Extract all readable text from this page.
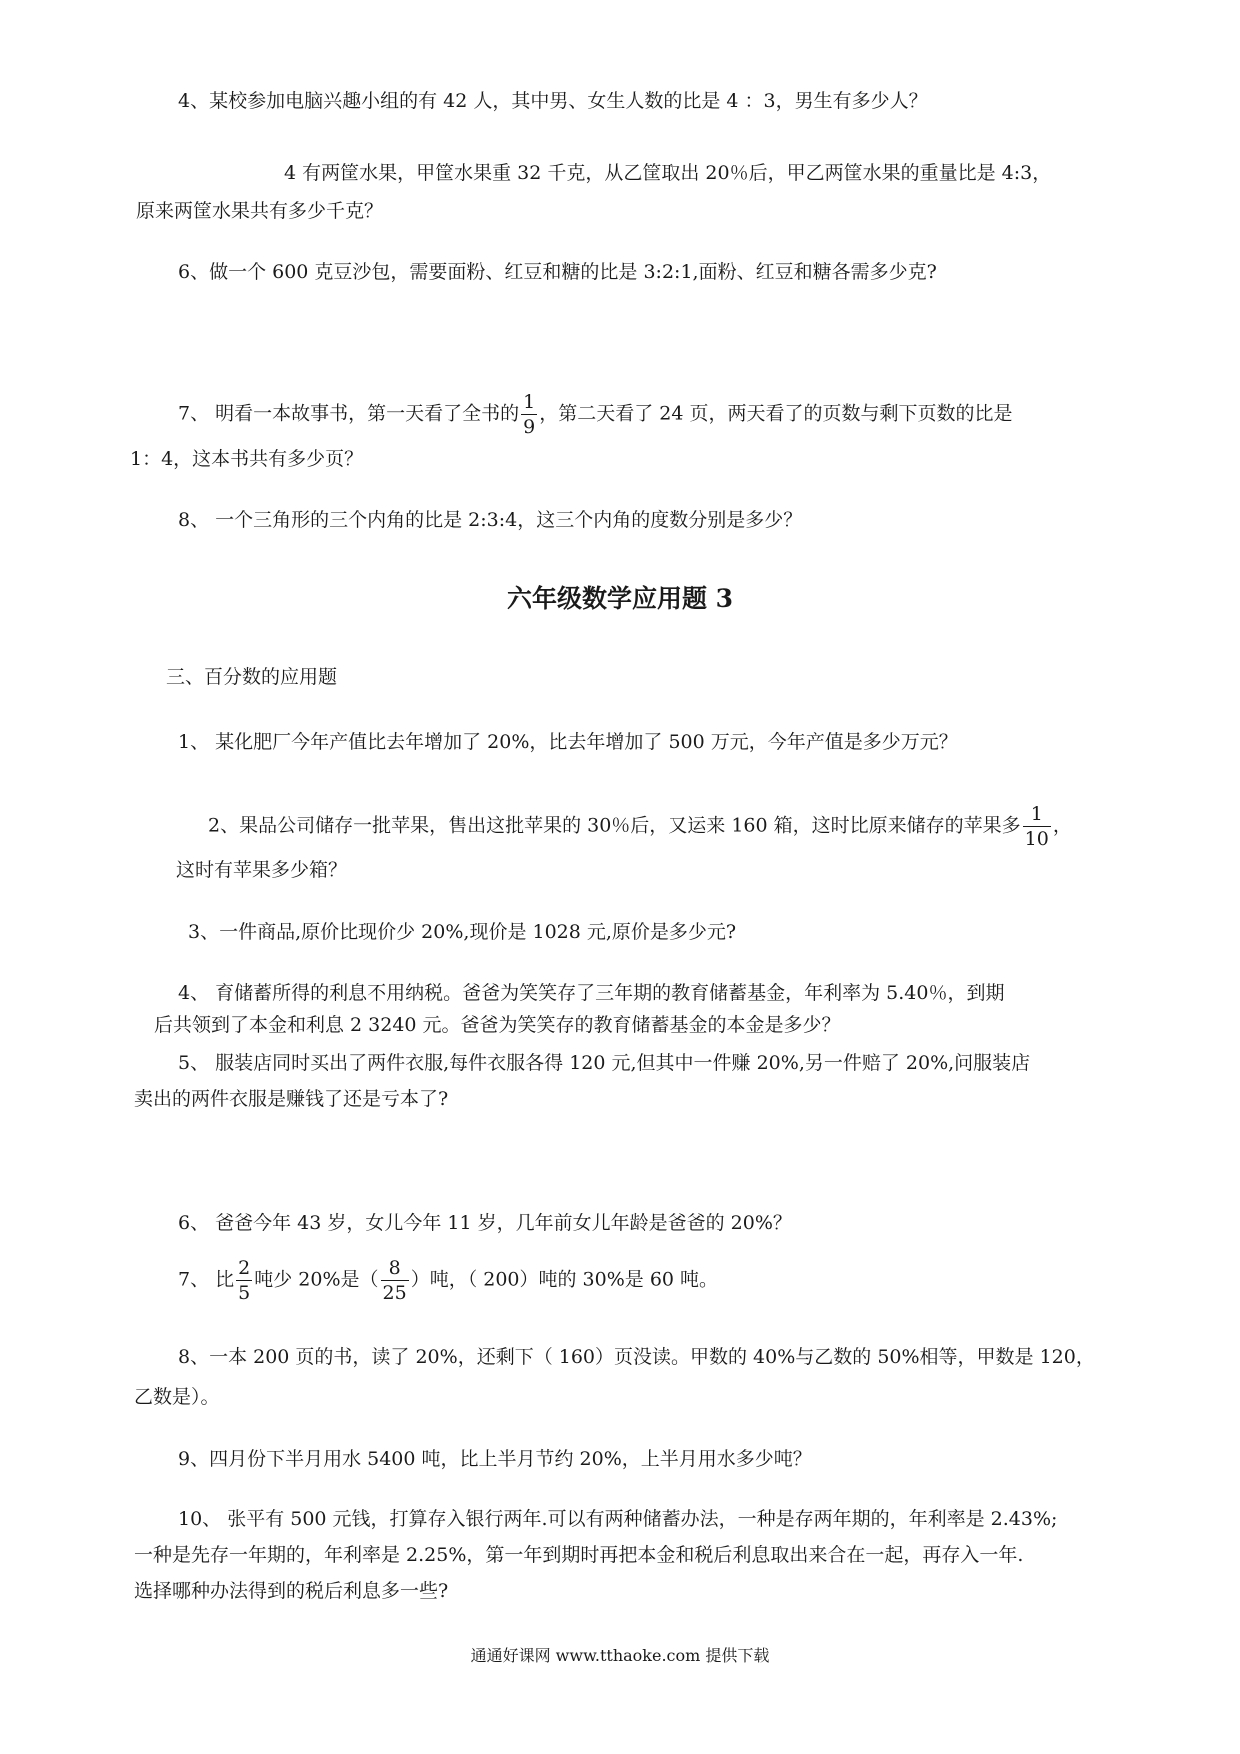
4、某校参加电脑兴趣小组的有 42 人，其中男、女生人数的比是 4 ：3，男生有多少人？
4 有两筐水果，甲筐水果重 32 千克，从乙筐取出 20％后，甲乙两筐水果的重量比是 4:3，
原来两筐水果共有多少千克？
6、做一个 600 克豆沙包，需要面粉、红豆和糖的比是 3:2:1,面粉、红豆和糖各需多少克?
7、 明看一本故事书，第一天看了全书的 $\frac{1}{9}$ ，第二天看了 24 页，两天看了的页数与剩下页数的比是
1：4，这本书共有多少页？
8、 一个三角形的三个内角的比是 2:3:4，这三个内角的度数分别是多少？
六年级数学应用题 3
三、百分数的应用题
1、 某化肥厂今年产值比去年增加了 20%，比去年增加了 500 万元，今年产值是多少万元？
2、果品公司储存一批苹果，售出这批苹果的 30％后，又运来 160 箱，这时比原来储存的苹果多 $\frac{1}{10}$ ，
这时有苹果多少箱？
3、一件商品,原价比现价少 20%,现价是 1028 元,原价是多少元?
4、 育储蓄所得的利息不用纳税。爸爸为笑笑存了三年期的教育储蓄基金，年利率为 5.40％，到期
后共领到了本金和利息 2 3240 元。爸爸为笑笑存的教育储蓄基金的本金是多少？
5、 服装店同时买出了两件衣服,每件衣服各得 120 元,但其中一件赚 20%,另一件赔了 20%,问服装店
卖出的两件衣服是赚钱了还是亏本了?
6、 爸爸今年 43 岁，女儿今年 11 岁，几年前女儿年龄是爸爸的 20%？
7、 比 $\frac{2}{5}$ 吨少 20%是（ $\frac{8}{25}$ ）吨，（ 200）吨的 30%是 60 吨。
8、一本 200 页的书，读了 20%，还剩下（ 160）页没读。甲数的 40%与乙数的 50%相等，甲数是 120，
乙数是）。
9、四月份下半月用水 5400 吨，比上半月节约 20%，上半月用水多少吨？
10、 张平有 500 元钱，打算存入银行两年.可以有两种储蓄办法，一种是存两年期的，年利率是 2.43%;
一种是先存一年期的，年利率是 2.25%，第一年到期时再把本金和税后利息取出来合在一起，再存入一年.
选择哪种办法得到的税后利息多一些?
通通好课网 www.tthaoke.com 提供下载
